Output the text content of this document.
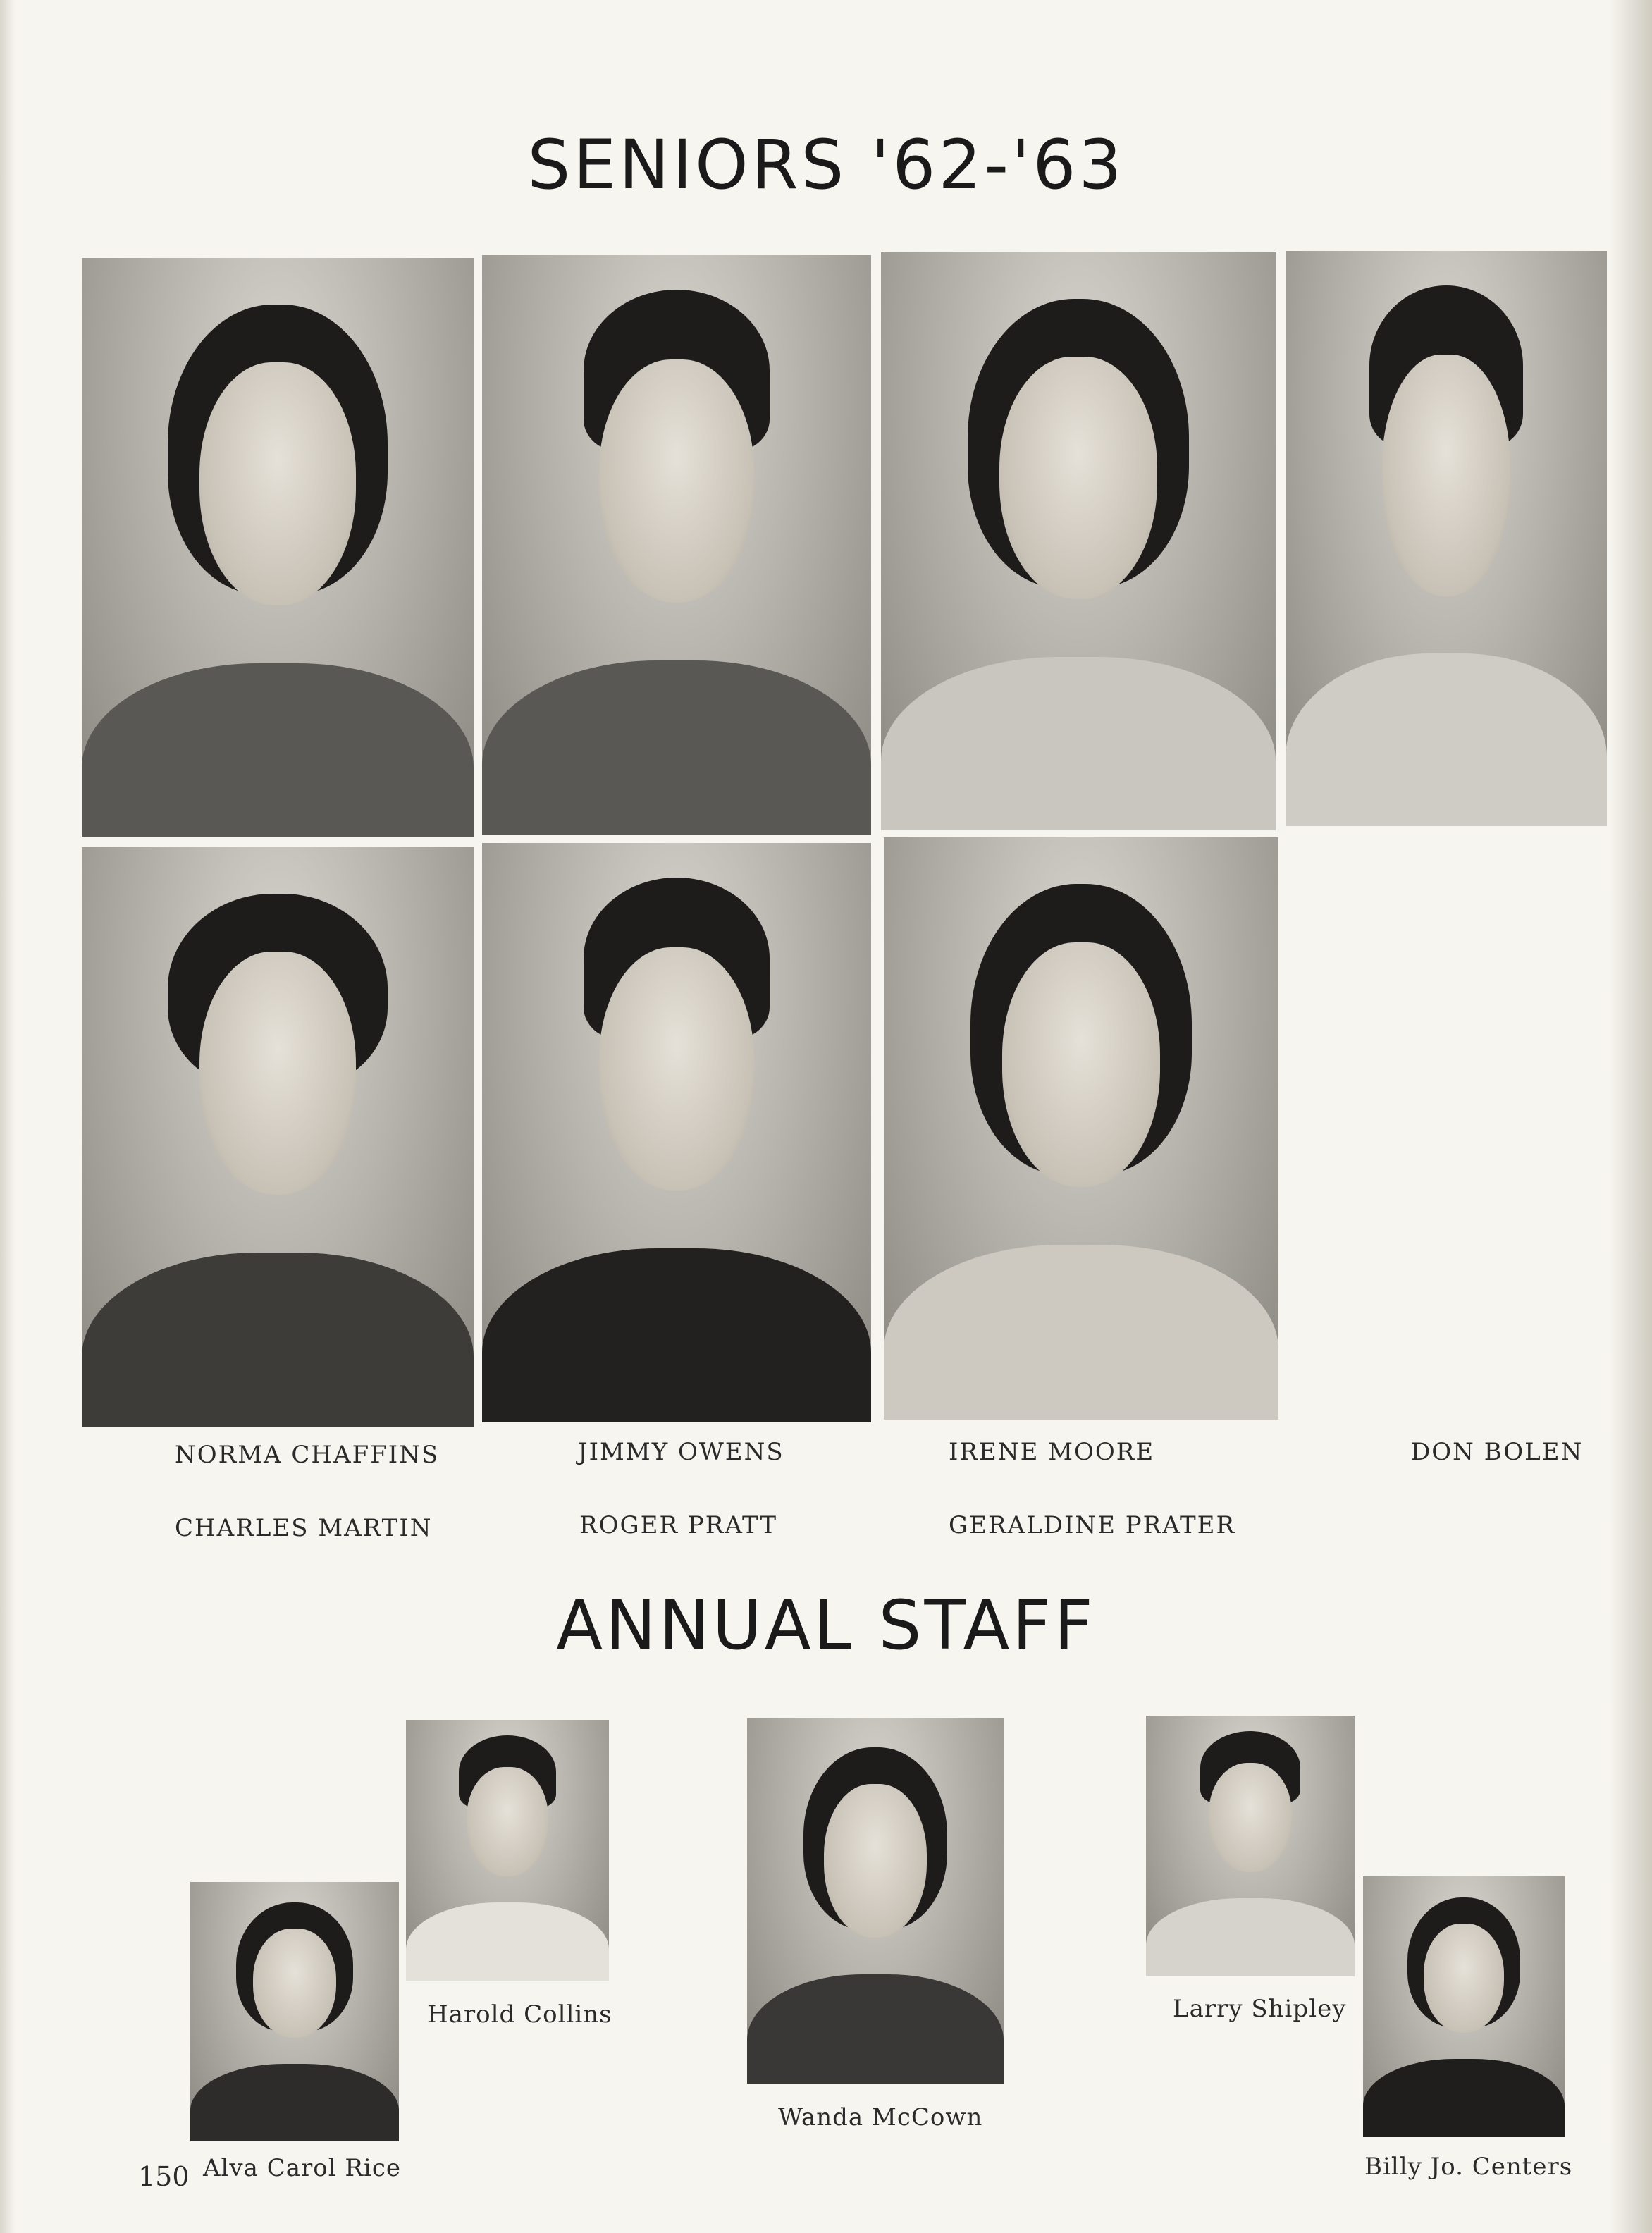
SENIORS '62-'63
NORMA CHAFFINS	JIMMY OWENS	IRENE MOORE	DON BOLEN
CHARLES MARTIN	ROGER PRATT	GERALDINE PRATER
ANNUAL STAFF
Alva Carol Rice
Harold Collins
Wanda McCown
Larry Shipley
Billy Jo. Centers
150
